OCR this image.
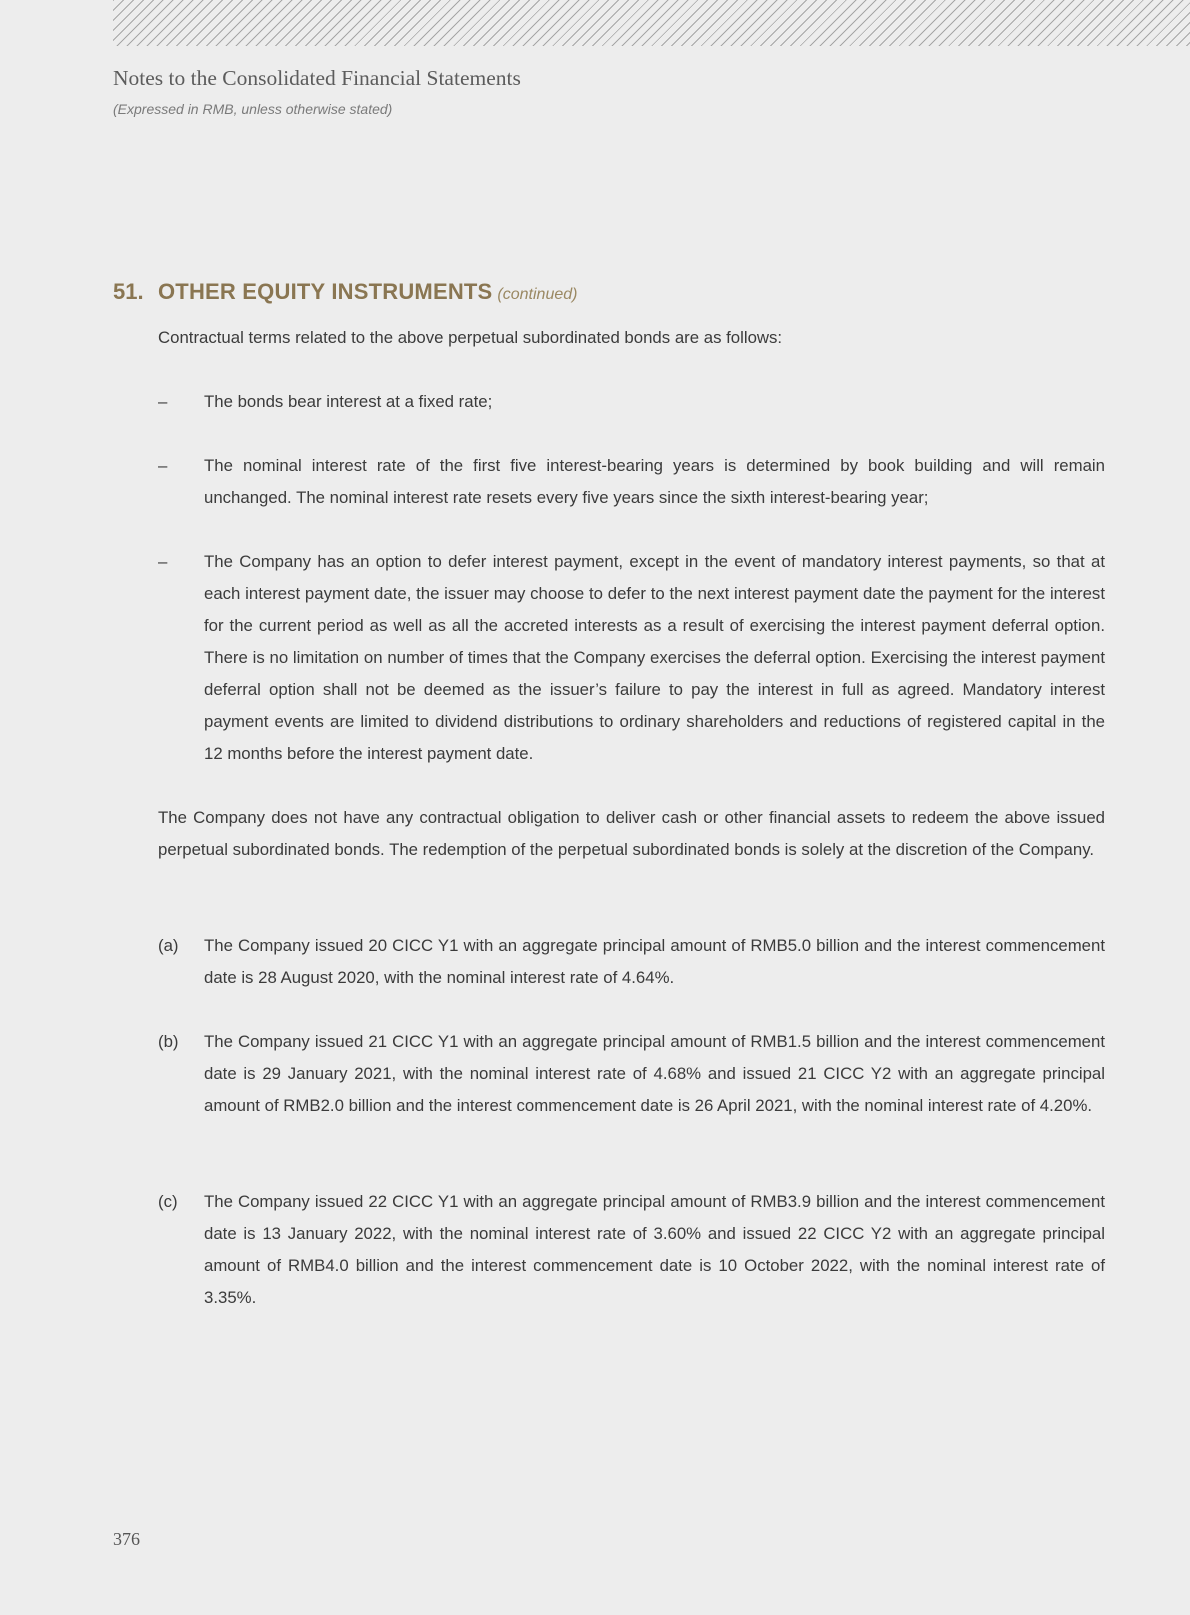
Notes to the Consolidated Financial Statements
(Expressed in RMB, unless otherwise stated)
51. OTHER EQUITY INSTRUMENTS (continued)
Contractual terms related to the above perpetual subordinated bonds are as follows:
–	The bonds bear interest at a fixed rate;
–	The nominal interest rate of the first five interest-bearing years is determined by book building and will remain unchanged. The nominal interest rate resets every five years since the sixth interest-bearing year;
–	The Company has an option to defer interest payment, except in the event of mandatory interest payments, so that at each interest payment date, the issuer may choose to defer to the next interest payment date the payment for the interest for the current period as well as all the accreted interests as a result of exercising the interest payment deferral option. There is no limitation on number of times that the Company exercises the deferral option. Exercising the interest payment deferral option shall not be deemed as the issuer’s failure to pay the interest in full as agreed. Mandatory interest payment events are limited to dividend distributions to ordinary shareholders and reductions of registered capital in the 12 months before the interest payment date.
The Company does not have any contractual obligation to deliver cash or other financial assets to redeem the above issued perpetual subordinated bonds. The redemption of the perpetual subordinated bonds is solely at the discretion of the Company.
(a)	The Company issued 20 CICC Y1 with an aggregate principal amount of RMB5.0 billion and the interest commencement date is 28 August 2020, with the nominal interest rate of 4.64%.
(b)	The Company issued 21 CICC Y1 with an aggregate principal amount of RMB1.5 billion and the interest commencement date is 29 January 2021, with the nominal interest rate of 4.68% and issued 21 CICC Y2 with an aggregate principal amount of RMB2.0 billion and the interest commencement date is 26 April 2021, with the nominal interest rate of 4.20%.
(c)	The Company issued 22 CICC Y1 with an aggregate principal amount of RMB3.9 billion and the interest commencement date is 13 January 2022, with the nominal interest rate of 3.60% and issued 22 CICC Y2 with an aggregate principal amount of RMB4.0 billion and the interest commencement date is 10 October 2022, with the nominal interest rate of 3.35%.
376
